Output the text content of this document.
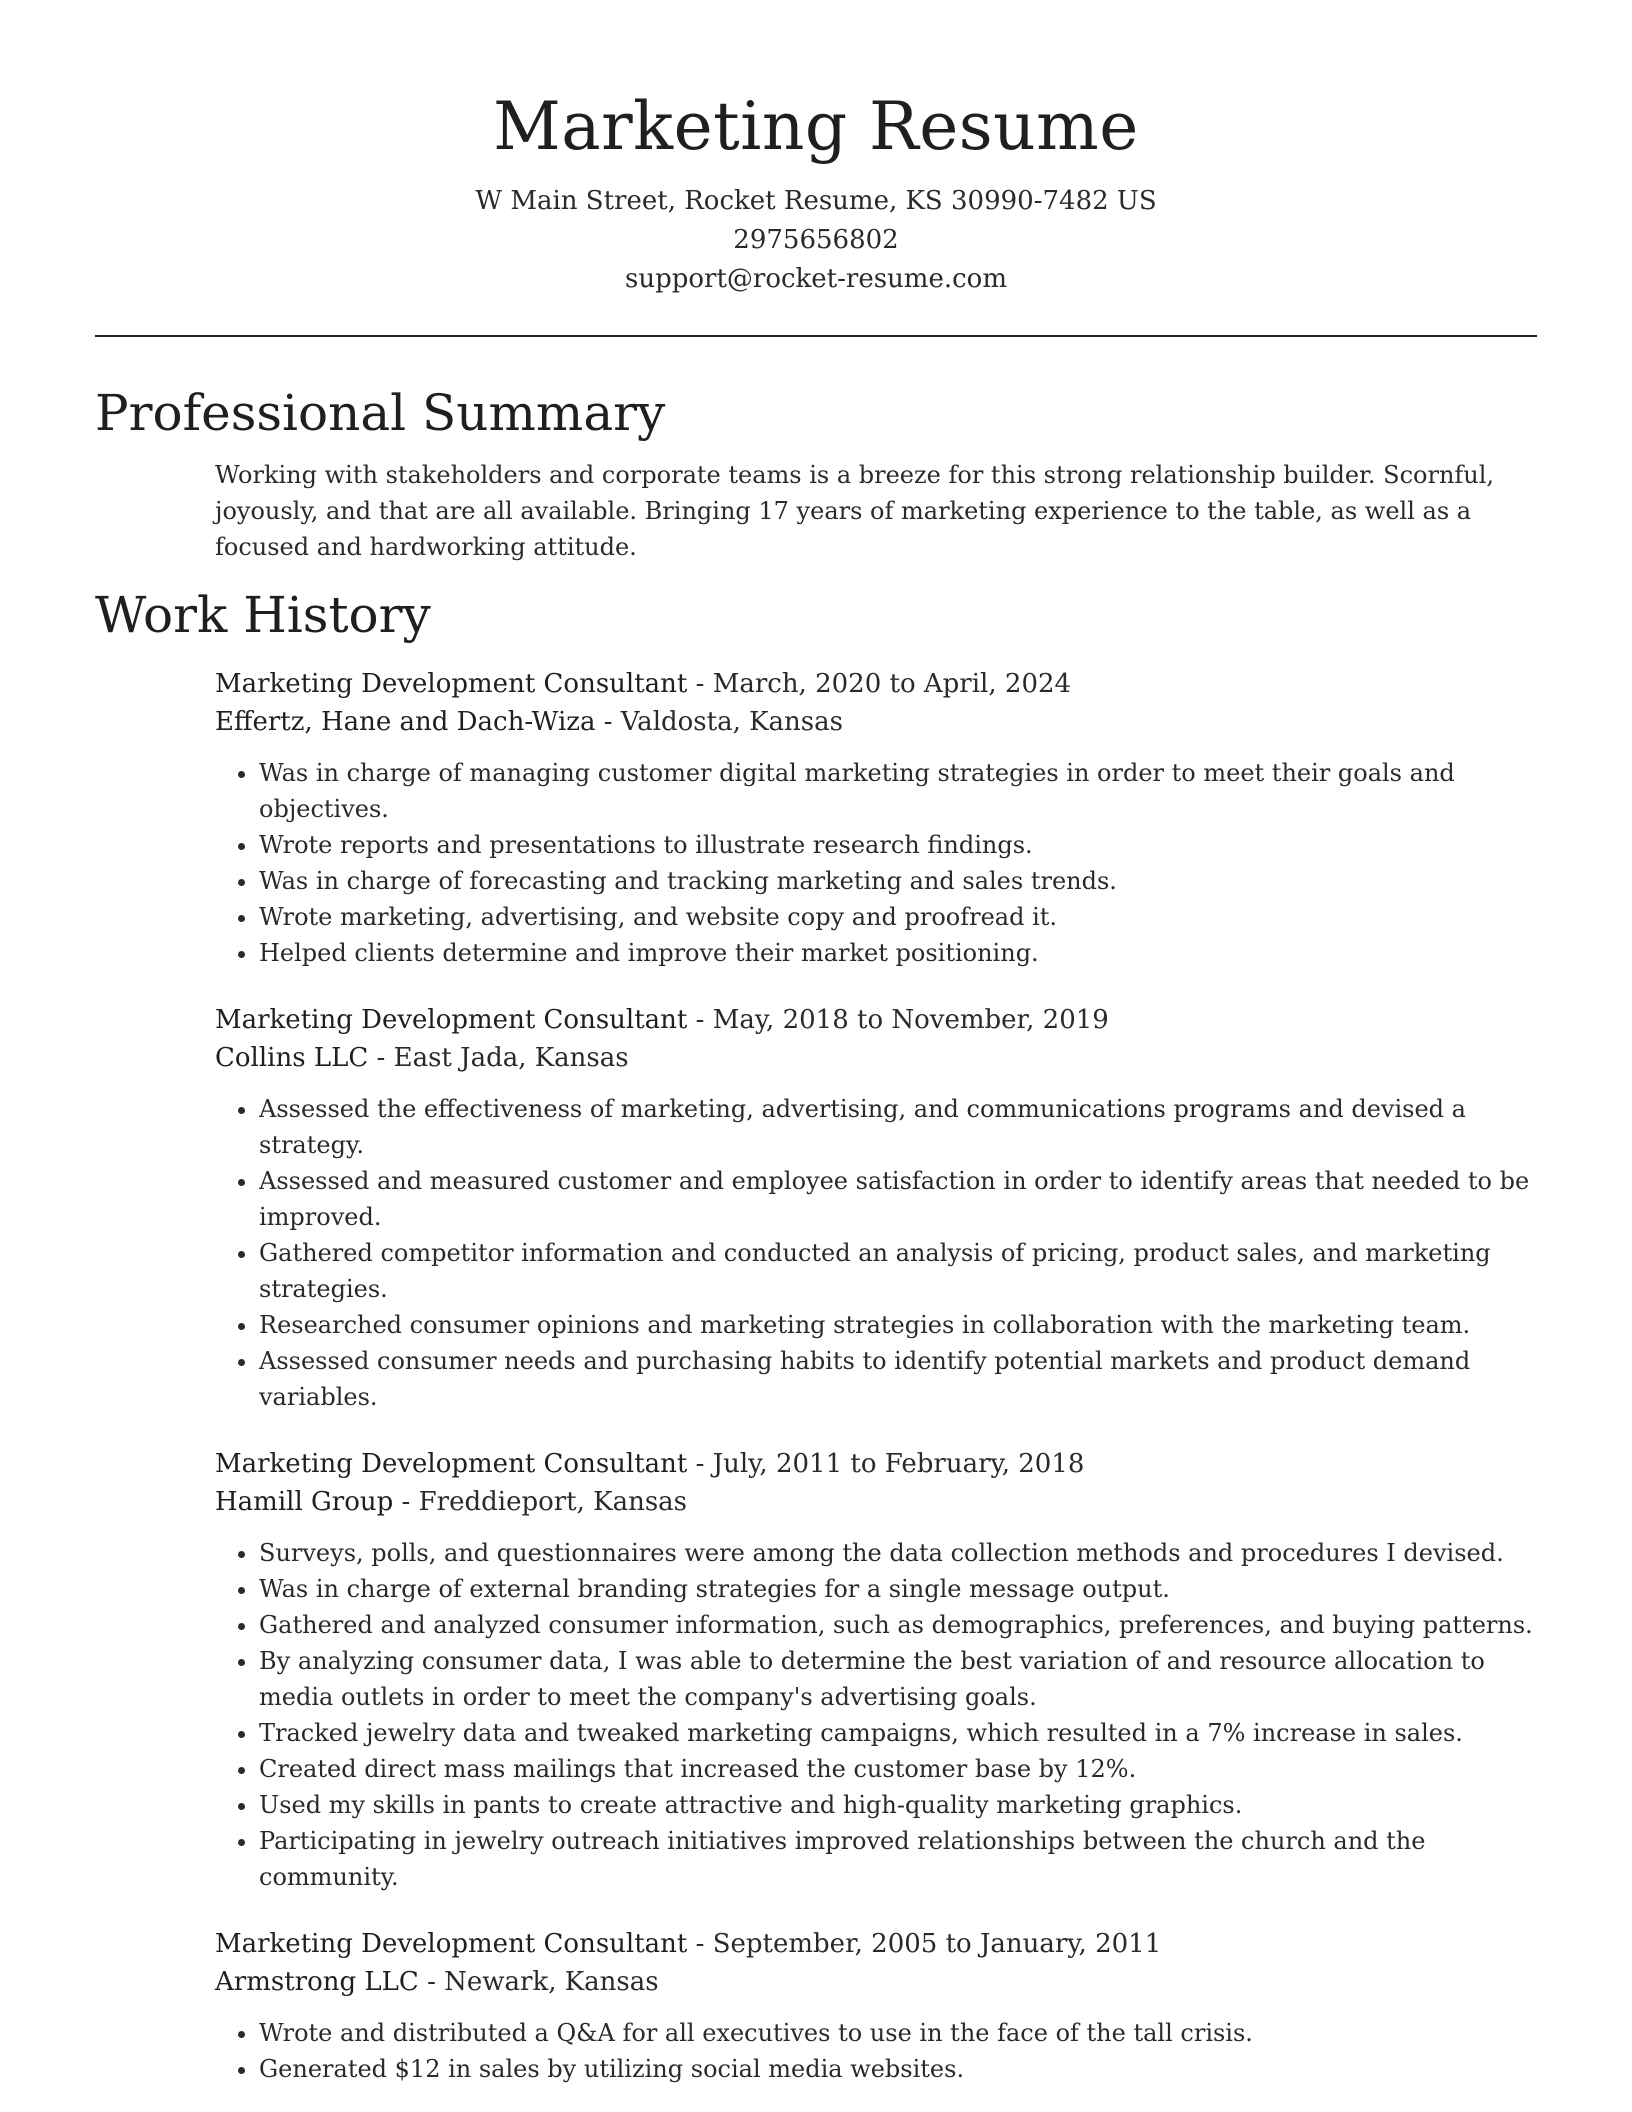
Marketing Resume
W Main Street, Rocket Resume, KS 30990-7482 US
2975656802
support@rocket-resume.com
Professional Summary

Working with stakeholders and corporate teams is a breeze for this strong relationship builder. Scornful, joyously, and that are all available. Bringing 17 years of marketing experience to the table, as well as a focused and hardworking attitude.

Work History
Marketing Development Consultant - March, 2020 to April, 2024
Effertz, Hane and Dach-Wiza - Valdosta, Kansas
• Was in charge of managing customer digital marketing strategies in order to meet their goals and objectives.
• Wrote reports and presentations to illustrate research findings.
• Was in charge of forecasting and tracking marketing and sales trends.
• Wrote marketing, advertising, and website copy and proofread it.
• Helped clients determine and improve their market positioning.
Marketing Development Consultant - May, 2018 to November, 2019
Collins LLC - East Jada, Kansas
• Assessed the effectiveness of marketing, advertising, and communications programs and devised a strategy.
• Assessed and measured customer and employee satisfaction in order to identify areas that needed to be improved.
• Gathered competitor information and conducted an analysis of pricing, product sales, and marketing strategies.
• Researched consumer opinions and marketing strategies in collaboration with the marketing team.
• Assessed consumer needs and purchasing habits to identify potential markets and product demand variables.
Marketing Development Consultant - July, 2011 to February, 2018
Hamill Group - Freddieport, Kansas
• Surveys, polls, and questionnaires were among the data collection methods and procedures I devised.
• Was in charge of external branding strategies for a single message output.
• Gathered and analyzed consumer information, such as demographics, preferences, and buying patterns.
• By analyzing consumer data, I was able to determine the best variation of and resource allocation to media outlets in order to meet the company's advertising goals.
• Tracked jewelry data and tweaked marketing campaigns, which resulted in a 7% increase in sales.
• Created direct mass mailings that increased the customer base by 12%.
• Used my skills in pants to create attractive and high-quality marketing graphics.
• Participating in jewelry outreach initiatives improved relationships between the church and the community.
Marketing Development Consultant - September, 2005 to January, 2011
Armstrong LLC - Newark, Kansas
• Wrote and distributed a Q&A for all executives to use in the face of the tall crisis.
• Generated $12 in sales by utilizing social media websites.
